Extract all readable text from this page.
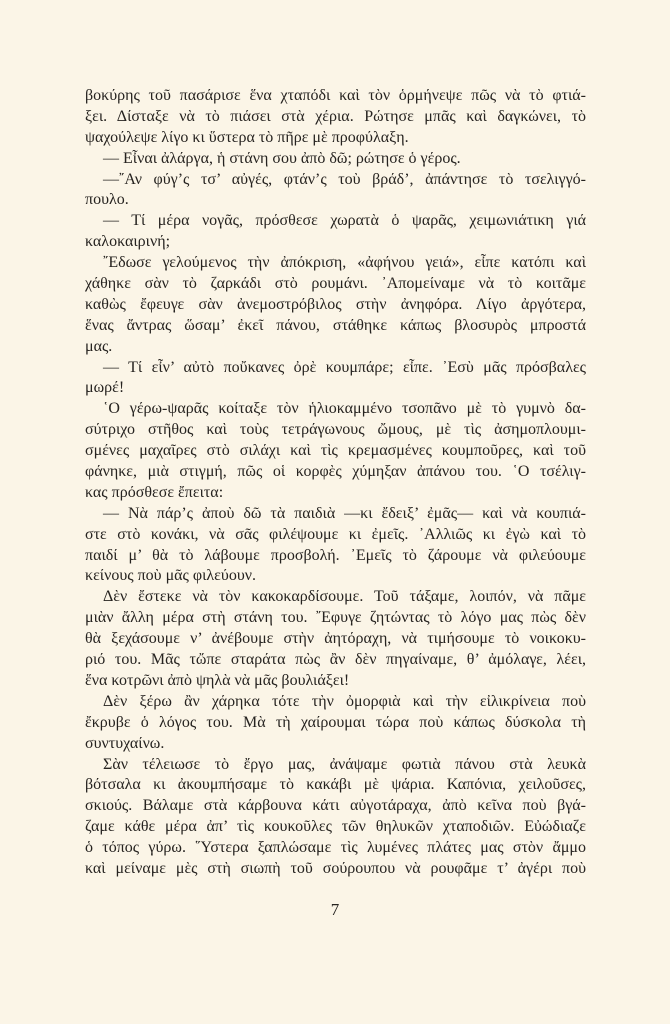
βοκύρης τοῦ πασάρισε ἕνα χταπόδι καὶ τὸν ὁρμήνεψε πῶς νὰ τὸ φτιά-
ξει. Δίσταξε νὰ τὸ πιάσει στὰ χέρια. Ρώτησε μπᾶς καὶ δαγκώνει, τὸ
ψαχούλεψε λίγο κι ὕστερα τὸ πῆρε μὲ προφύλαξη.
— Εἶναι ἀλάργα, ἡ στάνη σου ἀπὸ δῶ; ρώτησε ὁ γέρος.
—῎Αν φύγ’ς τσ’ αὐγές, φτάν’ς τοὺ βράδ’, ἀπάντησε τὸ τσελιγγό-
πουλο.
— Τί μέρα νογᾶς, πρόσθεσε χωρατὰ ὁ ψαρᾶς, χειμωνιάτικη γιά
καλοκαιρινή;
῎Εδωσε γελούμενος τὴν ἀπόκριση, «ἀφήνου γειά», εἶπε κατόπι καὶ
χάθηκε σὰν τὸ ζαρκάδι στὸ ρουμάνι. ᾿Απομείναμε νὰ τὸ κοιτᾶμε
καθὼς ἔφευγε σὰν ἀνεμοστρόβιλος στὴν ἀνηφόρα. Λίγο ἀργότερα,
ἕνας ἄντρας ὥσαμ’ ἐκεῖ πάνου, στάθηκε κάπως βλοσυρὸς μπροστά
μας.
— Τί εἶν’ αὐτὸ ποὔκανες ὀρὲ κουμπάρε; εἶπε. ᾿Εσὺ μᾶς πρόσβαλες
μωρέ!
῾Ο γέρω-ψαρᾶς κοίταξε τὸν ἡλιοκαμμένο τσοπᾶνο μὲ τὸ γυμνὸ δα-
σύτριχο στῆθος καὶ τοὺς τετράγωνους ὤμους, μὲ τὶς ἀσημοπλουμι-
σμένες μαχαῖρες στὸ σιλάχι καὶ τὶς κρεμασμένες κουμποῦρες, καὶ τοῦ
φάνηκε, μιὰ στιγμή, πῶς οἱ κορφὲς χύμηξαν ἀπάνου του. ῾Ο τσέλιγ-
κας πρόσθεσε ἔπειτα:
— Νὰ πάρ’ς ἀποὺ δῶ τὰ παιδιὰ —κι ἔδειξ’ ἐμᾶς— καὶ νὰ κουπιά-
στε στὸ κονάκι, νὰ σᾶς φιλέψουμε κι ἐμεῖς. ᾿Αλλιῶς κι ἐγὼ καὶ τὸ
παιδί μ’ θὰ τὸ λάβουμε προσβολή. ᾿Εμεῖς τὸ ζάρουμε νὰ φιλεύουμε
κείνους ποὺ μᾶς φιλεύουν.
Δὲν ἔστεκε νὰ τὸν κακοκαρδίσουμε. Τοῦ τάξαμε, λοιπόν, νὰ πᾶμε
μιὰν ἄλλη μέρα στὴ στάνη του. ῎Εφυγε ζητώντας τὸ λόγο μας πὼς δὲν
θὰ ξεχάσουμε ν’ ἀνέβουμε στὴν ἀητόραχη, νὰ τιμήσουμε τὸ νοικοκυ-
ριό του. Μᾶς τὤπε σταράτα πὼς ἂν δὲν πηγαίναμε, θ’ ἀμόλαγε, λέει,
ἕνα κοτρῶνι ἀπὸ ψηλὰ νὰ μᾶς βουλιάξει!
Δὲν ξέρω ἂν χάρηκα τότε τὴν ὀμορφιὰ καὶ τὴν εἰλικρίνεια ποὺ
ἔκρυβε ὁ λόγος του. Μὰ τὴ χαίρουμαι τώρα ποὺ κάπως δύσκολα τὴ
συντυχαίνω.
Σὰν τέλειωσε τὸ ἔργο μας, ἀνάψαμε φωτιὰ πάνου στὰ λευκὰ
βότσαλα κι ἀκουμπήσαμε τὸ κακάβι μὲ ψάρια. Καπόνια, χειλοῦσες,
σκιούς. Βάλαμε στὰ κάρβουνα κάτι αὐγοτάραχα, ἀπὸ κεῖνα ποὺ βγά-
ζαμε κάθε μέρα ἀπ’ τὶς κουκοῦλες τῶν θηλυκῶν χταποδιῶν. Εὐώδιαζε
ὁ τόπος γύρω. ῞Υστερα ξαπλώσαμε τὶς λυμένες πλάτες μας στὸν ἄμμο
καὶ μείναμε μὲς στὴ σιωπὴ τοῦ σούρουπου νὰ ρουφᾶμε τ’ ἀγέρι ποὺ
7
